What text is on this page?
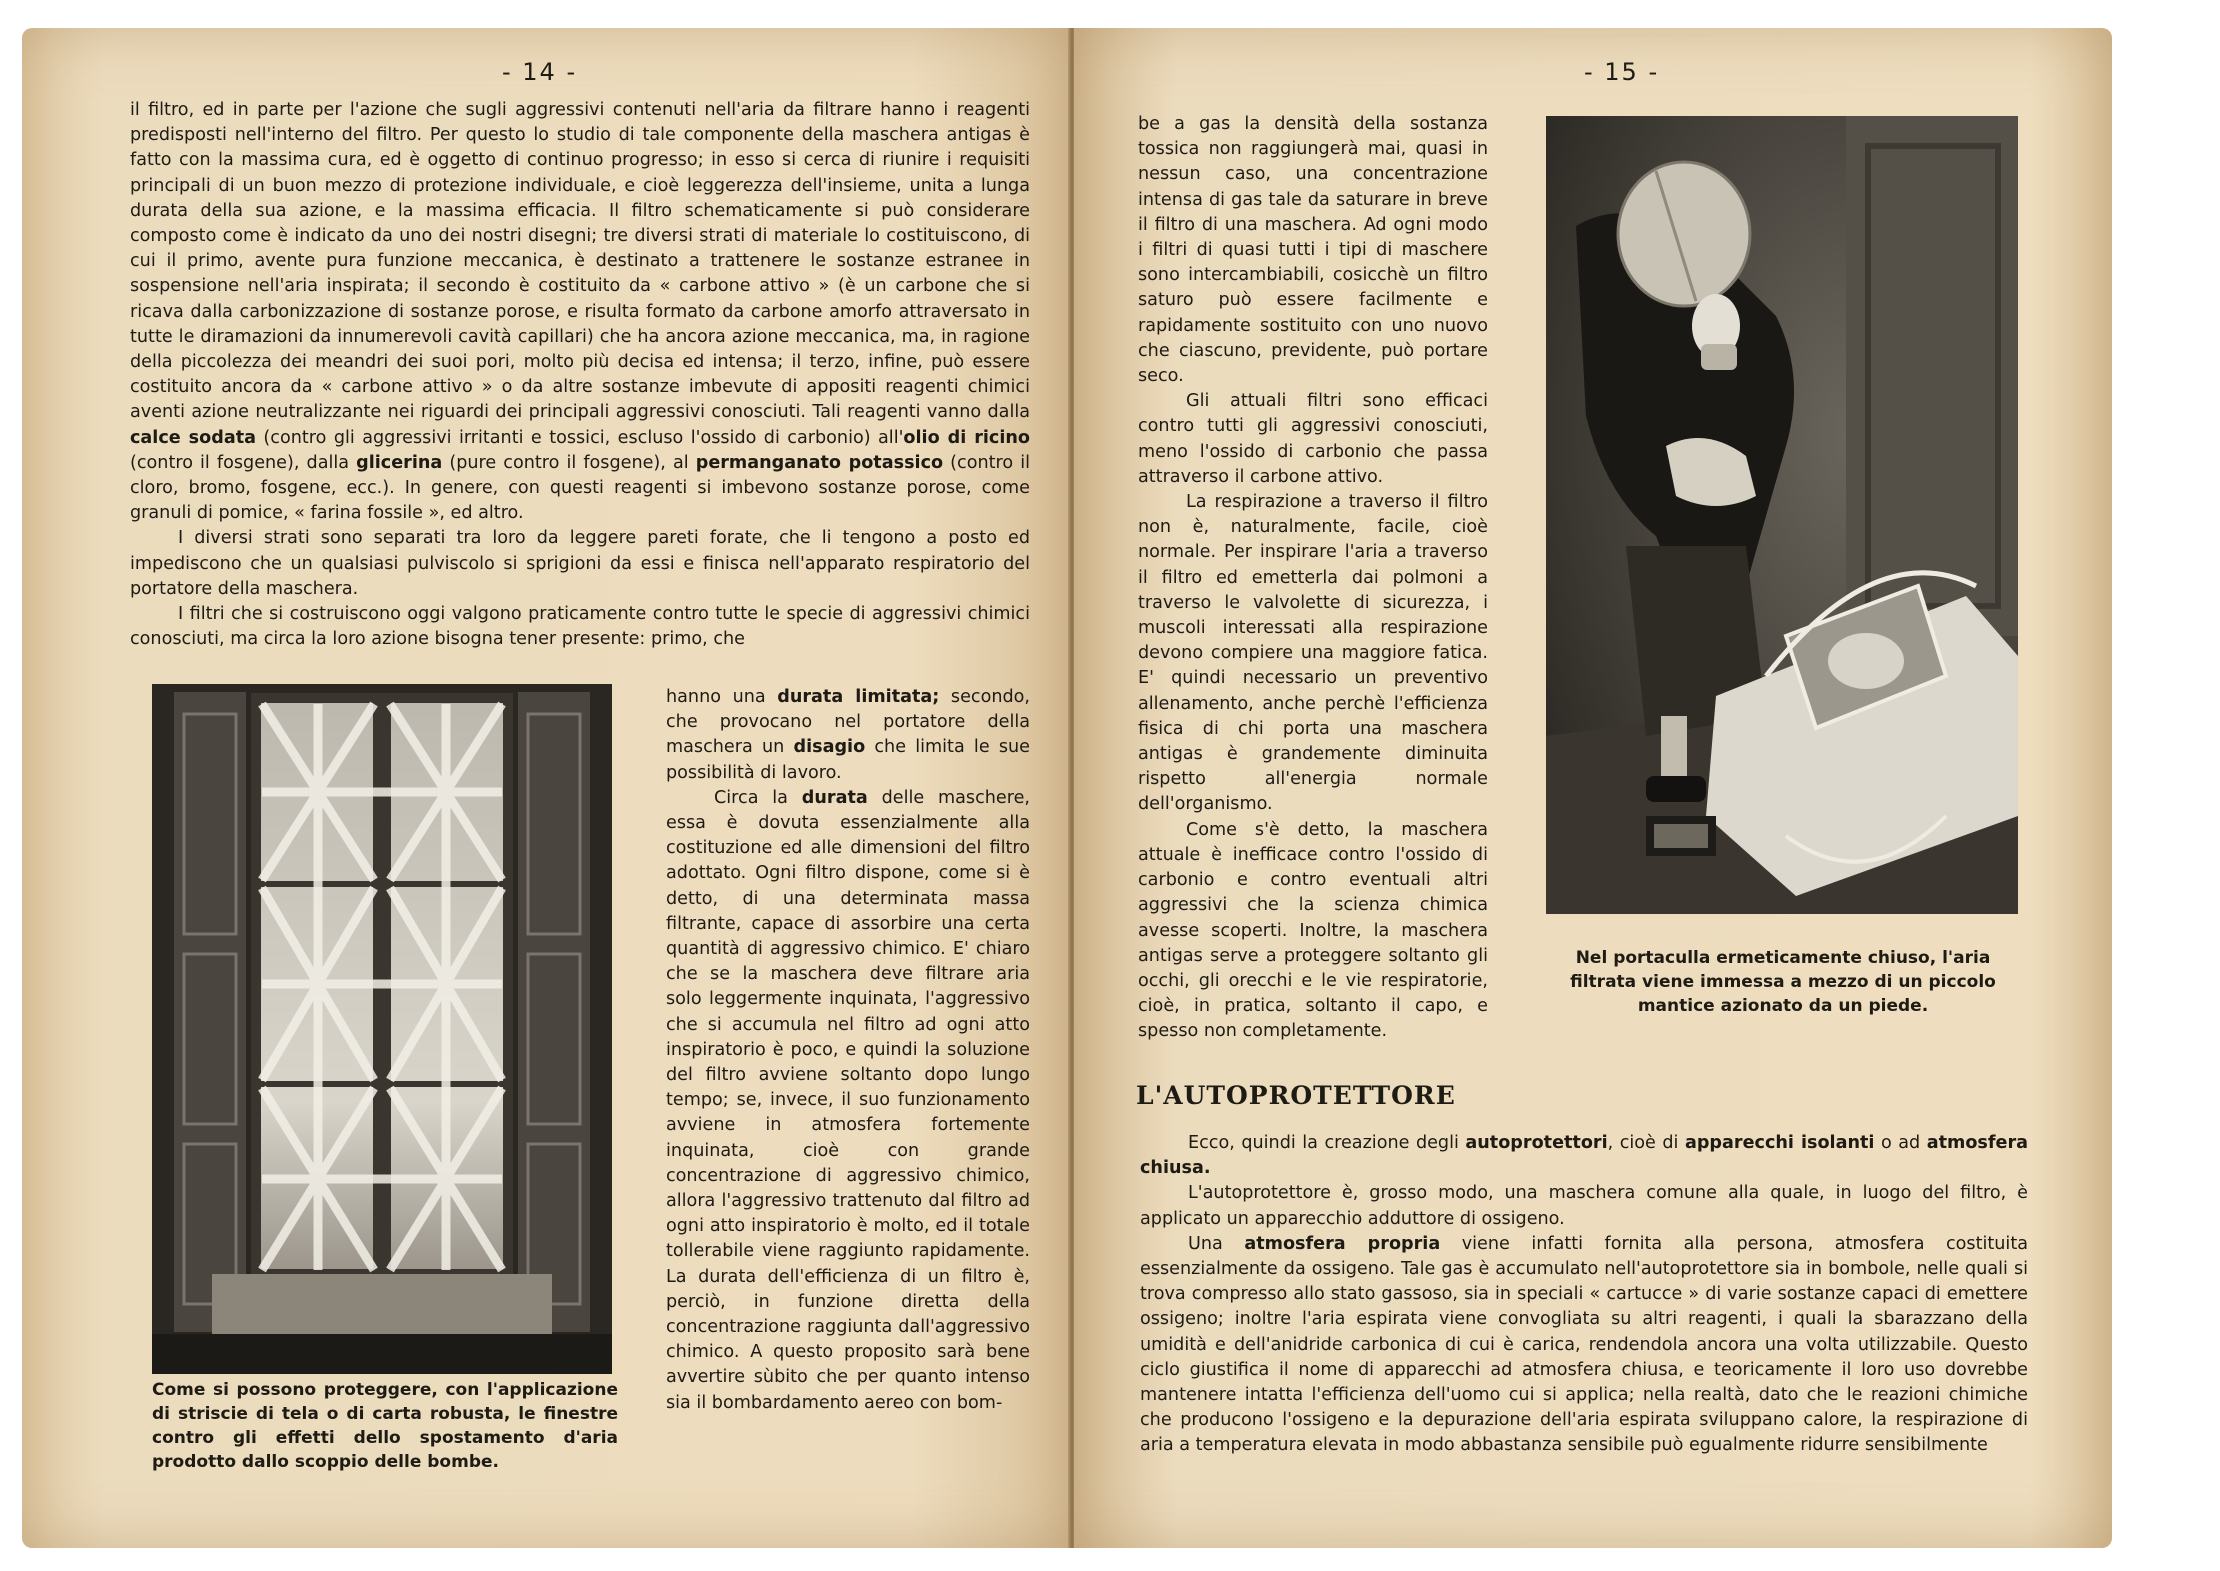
- 14 -

il filtro, ed in parte per l'azione che sugli aggressivi contenuti nell'aria da filtrare hanno i reagenti predisposti nell'interno del filtro. Per questo lo studio di tale componente della maschera antigas è fatto con la massima cura, ed è oggetto di continuo progresso; in esso si cerca di riunire i requisiti principali di un buon mezzo di protezione individuale, e cioè leggerezza dell'insieme, unita a lunga durata della sua azione, e la massima efficacia. Il filtro schematicamente si può considerare composto come è indicato da uno dei nostri disegni; tre diversi strati di materiale lo costituiscono, di cui il primo, avente pura funzione meccanica, è destinato a trattenere le sostanze estranee in sospensione nell'aria inspirata; il secondo è costituito da « carbone attivo » (è un carbone che si ricava dalla carbonizzazione di sostanze porose, e risulta formato da carbone amorfo attraversato in tutte le diramazioni da innumerevoli cavità capillari) che ha ancora azione meccanica, ma, in ragione della piccolezza dei meandri dei suoi pori, molto più decisa ed intensa; il terzo, infine, può essere costituito ancora da « carbone attivo » o da altre sostanze imbevute di appositi reagenti chimici aventi azione neutralizzante nei riguardi dei principali aggressivi conosciuti. Tali reagenti vanno dalla calce sodata (contro gli aggressivi irritanti e tossici, escluso l'ossido di carbonio) all'olio di ricino (contro il fosgene), dalla glicerina (pure contro il fosgene), al permanganato potassico (contro il cloro, bromo, fosgene, ecc.). In genere, con questi reagenti si imbevono sostanze porose, come granuli di pomice, « farina fossile », ed altro.

I diversi strati sono separati tra loro da leggere pareti forate, che li tengono a posto ed impediscono che un qualsiasi pulviscolo si sprigioni da essi e finisca nell'apparato respiratorio del portatore della maschera.

I filtri che si costruiscono oggi valgono praticamente contro tutte le specie di aggressivi chimici conosciuti, ma circa la loro azione bisogna tener presente: primo, che

Come si possono proteggere, con l'applicazione di striscie di tela o di carta robusta, le finestre contro gli effetti dello spostamento d'aria prodotto dallo scoppio delle bombe.

hanno una durata limitata; secondo, che provocano nel portatore della maschera un disagio che limita le sue possibilità di lavoro.

Circa la durata delle maschere, essa è dovuta essenzialmente alla costituzione ed alle dimensioni del filtro adottato. Ogni filtro dispone, come si è detto, di una determinata massa filtrante, capace di assorbire una certa quantità di aggressivo chimico. E' chiaro che se la maschera deve filtrare aria solo leggermente inquinata, l'aggressivo che si accumula nel filtro ad ogni atto inspiratorio è poco, e quindi la soluzione del filtro avviene soltanto dopo lungo tempo; se, invece, il suo funzionamento avviene in atmosfera fortemente inquinata, cioè con grande concentrazione di aggressivo chimico, allora l'aggressivo trattenuto dal filtro ad ogni atto inspiratorio è molto, ed il totale tollerabile viene raggiunto rapidamente. La durata dell'efficienza di un filtro è, perciò, in funzione diretta della concentrazione raggiunta dall'aggressivo chimico. A questo proposito sarà bene avvertire sùbito che per quanto intenso sia il bombardamento aereo con bom-

- 15 -

be a gas la densità della sostanza tossica non raggiungerà mai, quasi in nessun caso, una concentrazione intensa di gas tale da saturare in breve il filtro di una maschera. Ad ogni modo i filtri di quasi tutti i tipi di maschere sono intercambiabili, cosicchè un filtro saturo può essere facilmente e rapidamente sostituito con uno nuovo che ciascuno, previdente, può portare seco.

Gli attuali filtri sono efficaci contro tutti gli aggressivi conosciuti, meno l'ossido di carbonio che passa attraverso il carbone attivo.

La respirazione a traverso il filtro non è, naturalmente, facile, cioè normale. Per inspirare l'aria a traverso il filtro ed emetterla dai polmoni a traverso le valvolette di sicurezza, i muscoli interessati alla respirazione devono compiere una maggiore fatica. E' quindi necessario un preventivo allenamento, anche perchè l'efficienza fisica di chi porta una maschera antigas è grandemente diminuita rispetto all'energia normale dell'organismo.

Come s'è detto, la maschera attuale è inefficace contro l'ossido di carbonio e contro eventuali altri aggressivi che la scienza chimica avesse scoperti. Inoltre, la maschera antigas serve a proteggere soltanto gli occhi, gli orecchi e le vie respiratorie, cioè, in pratica, soltanto il capo, e spesso non completamente.

Nel portaculla ermeticamente chiuso, l'aria filtrata viene immessa a mezzo di un piccolo mantice azionato da un piede.
L'AUTOPROTETTORE

Ecco, quindi la creazione degli autoprotettori, cioè di apparecchi isolanti o ad atmosfera chiusa.

L'autoprotettore è, grosso modo, una maschera comune alla quale, in luogo del filtro, è applicato un apparecchio adduttore di ossigeno.

Una atmosfera propria viene infatti fornita alla persona, atmosfera costituita essenzialmente da ossigeno. Tale gas è accumulato nell'autoprotettore sia in bombole, nelle quali si trova compresso allo stato gassoso, sia in speciali « cartucce » di varie sostanze capaci di emettere ossigeno; inoltre l'aria espirata viene convogliata su altri reagenti, i quali la sbarazzano della umidità e dell'anidride carbonica di cui è carica, rendendola ancora una volta utilizzabile. Questo ciclo giustifica il nome di apparecchi ad atmosfera chiusa, e teoricamente il loro uso dovrebbe mantenere intatta l'efficienza dell'uomo cui si applica; nella realtà, dato che le reazioni chimiche che producono l'ossigeno e la depurazione dell'aria espirata sviluppano calore, la respirazione di aria a temperatura elevata in modo abbastanza sensibile può egualmente ridurre sensibilmente
